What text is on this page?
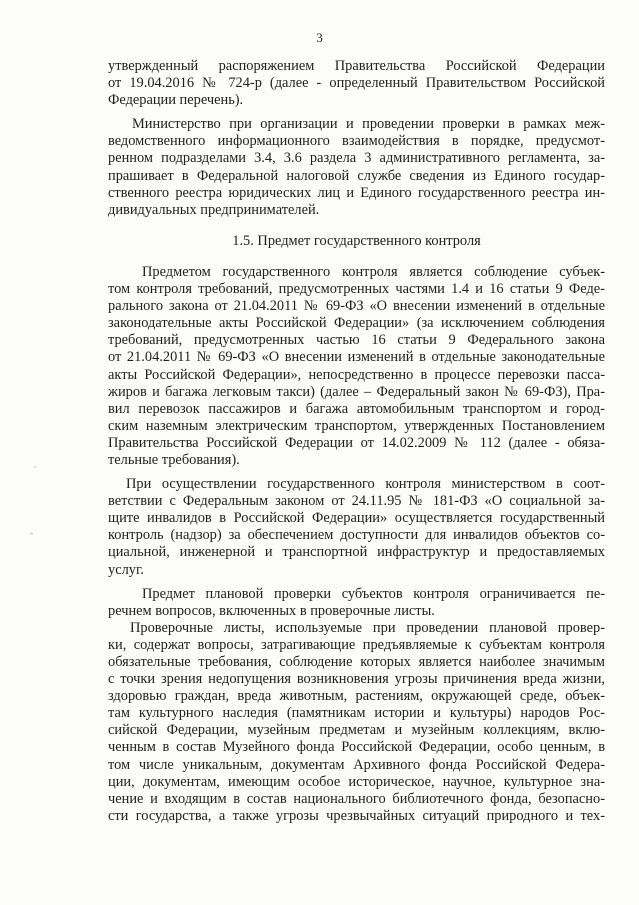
3
утвержденный распоряжением Правительства Российской Федерации
от 19.04.2016 № 724-р (далее - определенный Правительством Российской
Федерации перечень).
Министерство при организации и проведении проверки в рамках меж-
ведомственного информационного взаимодействия в порядке, предусмот-
ренном подразделами 3.4, 3.6 раздела 3 административного регламента, за-
прашивает в Федеральной налоговой службе сведения из Единого государ-
ственного реестра юридических лиц и Единого государственного реестра ин-
дивидуальных предпринимателей.
1.5. Предмет государственного контроля
Предметом государственного контроля является соблюдение субъек-
том контроля требований, предусмотренных частями 1.4 и 16 статьи 9 Феде-
рального закона от 21.04.2011 № 69-ФЗ «О внесении изменений в отдельные
законодательные акты Российской Федерации» (за исключением соблюдения
требований, предусмотренных частью 16 статьи 9 Федерального закона
от 21.04.2011 № 69-ФЗ «О внесении изменений в отдельные законодательные
акты Российской Федерации», непосредственно в процессе перевозки пасса-
жиров и багажа легковым такси) (далее – Федеральный закон № 69-ФЗ), Пра-
вил перевозок пассажиров и багажа автомобильным транспортом и город-
ским наземным электрическим транспортом, утвержденных Постановлением
Правительства Российской Федерации от 14.02.2009 № 112 (далее - обяза-
тельные требования).
При осуществлении государственного контроля министерством в соот-
ветствии с Федеральным законом от 24.11.95 № 181-ФЗ «О социальной за-
щите инвалидов в Российской Федерации» осуществляется государственный
контроль (надзор) за обеспечением доступности для инвалидов объектов со-
циальной, инженерной и транспортной инфраструктур и предоставляемых
услуг.
Предмет плановой проверки субъектов контроля ограничивается пе-
речнем вопросов, включенных в проверочные листы.
Проверочные листы, используемые при проведении плановой провер-
ки, содержат вопросы, затрагивающие предъявляемые к субъектам контроля
обязательные требования, соблюдение которых является наиболее значимым
с точки зрения недопущения возникновения угрозы причинения вреда жизни,
здоровью граждан, вреда животным, растениям, окружающей среде, объек-
там культурного наследия (памятникам истории и культуры) народов Рос-
сийской Федерации, музейным предметам и музейным коллекциям, вклю-
ченным в состав Музейного фонда Российской Федерации, особо ценным, в
том числе уникальным, документам Архивного фонда Российской Федера-
ции, документам, имеющим особое историческое, научное, культурное зна-
чение и входящим в состав национального библиотечного фонда, безопасно-
сти государства, а также угрозы чрезвычайных ситуаций природного и тех-
ᵕ
-
